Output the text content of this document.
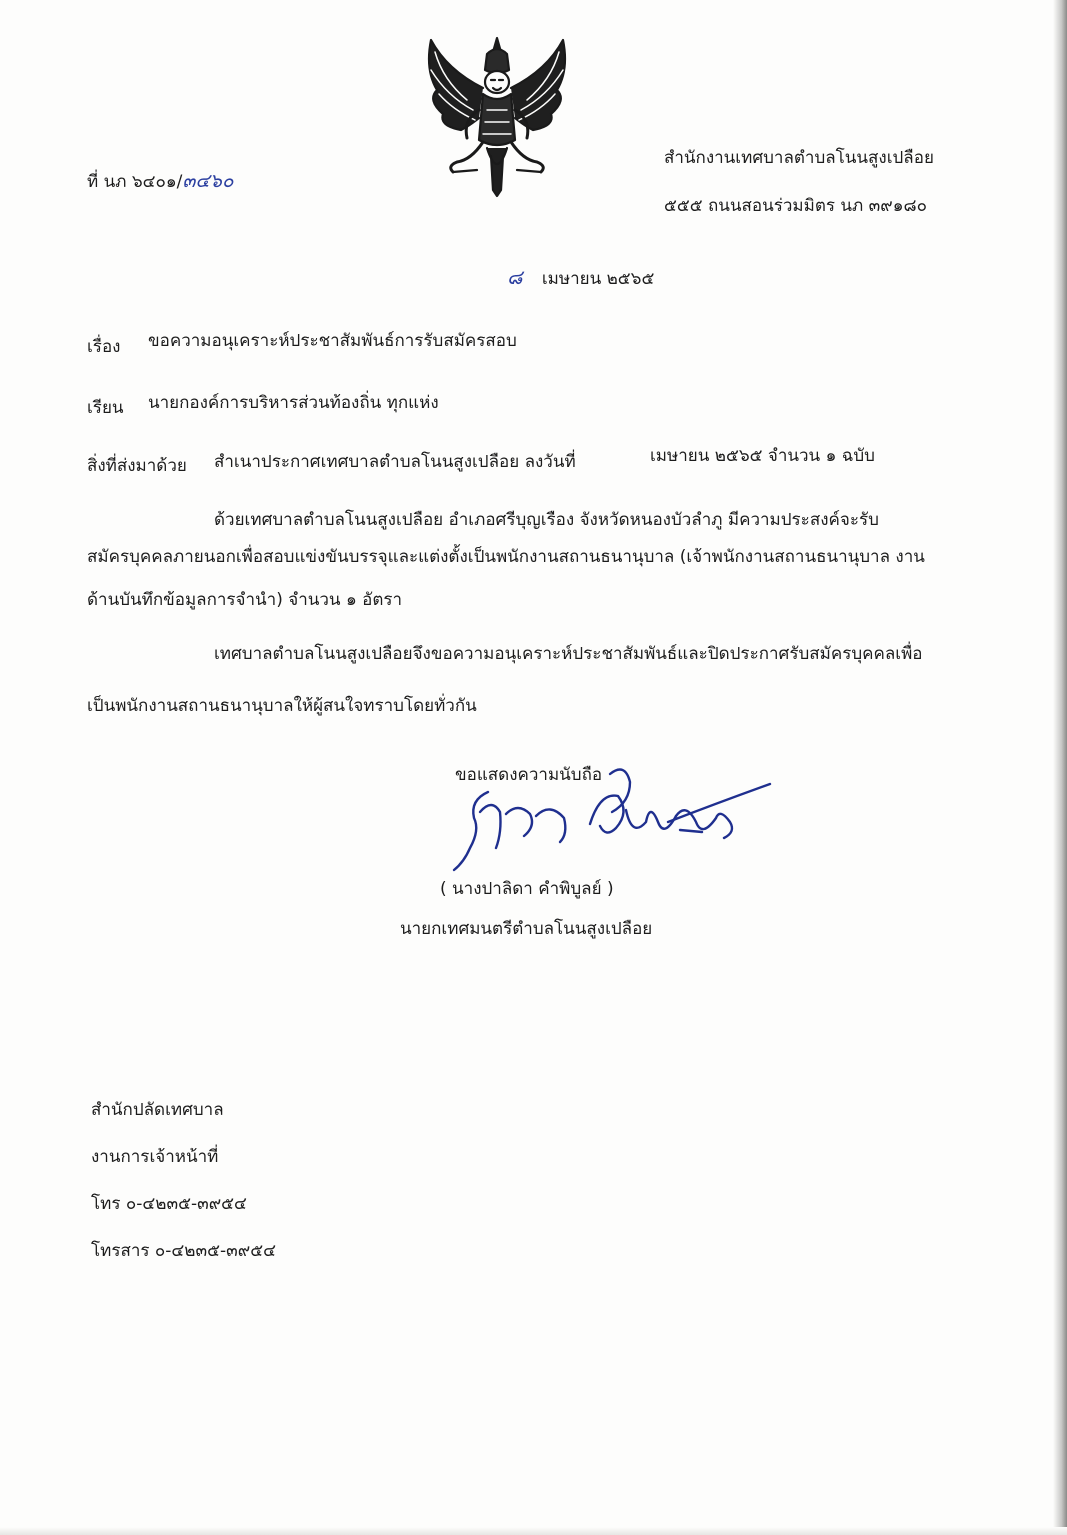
ที่ นภ ๖๔๐๑/๓๔๖๐
สำนักงานเทศบาลตำบลโนนสูงเปลือย
๕๕๕ ถนนสอนร่วมมิตร นภ ๓๙๑๘๐
๘ เมษายน ๒๕๖๕
เรื่อง ขอความอนุเคราะห์ประชาสัมพันธ์การรับสมัครสอบ
เรียน นายกองค์การบริหารส่วนท้องถิ่น ทุกแห่ง
สิ่งที่ส่งมาด้วย สำเนาประกาศเทศบาลตำบลโนนสูงเปลือย ลงวันที่	เมษายน ๒๕๖๕ จำนวน ๑ ฉบับ
ด้วยเทศบาลตำบลโนนสูงเปลือย อำเภอศรีบุญเรือง จังหวัดหนองบัวลำภู มีความประสงค์จะรับ
สมัครบุคคลภายนอกเพื่อสอบแข่งขันบรรจุและแต่งตั้งเป็นพนักงานสถานธนานุบาล (เจ้าพนักงานสถานธนานุบาล งาน
ด้านบันทึกข้อมูลการจำนำ) จำนวน ๑ อัตรา
เทศบาลตำบลโนนสูงเปลือยจึงขอความอนุเคราะห์ประชาสัมพันธ์และปิดประกาศรับสมัครบุคคลเพื่อ
เป็นพนักงานสถานธนานุบาลให้ผู้สนใจทราบโดยทั่วกัน
ขอแสดงความนับถือ
( นางปาลิดา คำพิบูลย์ )
นายกเทศมนตรีตำบลโนนสูงเปลือย
สำนักปลัดเทศบาล
งานการเจ้าหน้าที่
โทร ๐-๔๒๓๕-๓๙๕๔
โทรสาร ๐-๔๒๓๕-๓๙๕๔
